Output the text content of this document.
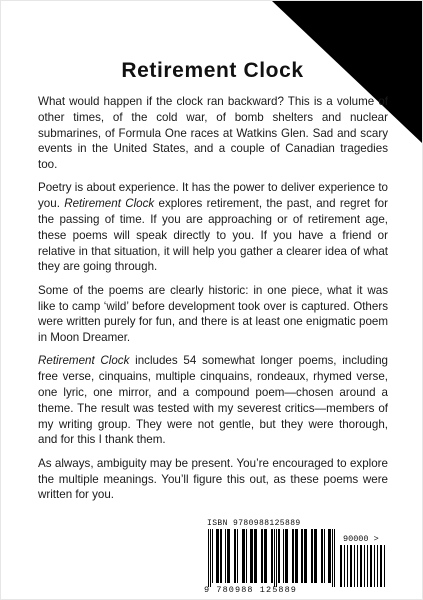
Retirement Clock

What would happen if the clock ran backward? This is a volume of other times, of the cold war, of bomb shelters and nuclear submarines, of Formula One races at Watkins Glen. Sad and scary events in the United States, and a couple of Canadian tragedies too.

Poetry is about experience. It has the power to deliver experience to you. Retirement Clock explores retirement, the past, and regret for the passing of time. If you are approaching or of retirement age, these poems will speak directly to you. If you have a friend or relative in that situation, it will help you gather a clearer idea of what they are going through.

Some of the poems are clearly historic: in one piece, what it was like to camp ‘wild’ before development took over is captured. Others were written purely for fun, and there is at least one enigmatic poem in Moon Dreamer.

Retirement Clock includes 54 somewhat longer poems, including free verse, cinquains, multiple cinquains, rondeaux, rhymed verse, one lyric, one mirror, and a compound poem—chosen around a theme. The result was tested with my severest critics—members of my writing group. They were not gentle, but they were thorough, and for this I thank them.

As always, ambiguity may be present. You’re encouraged to explore the multiple meanings. You’ll figure this out, as these poems were written for you.

ISBN 9780988125889
90000 >
9 780988 125889
